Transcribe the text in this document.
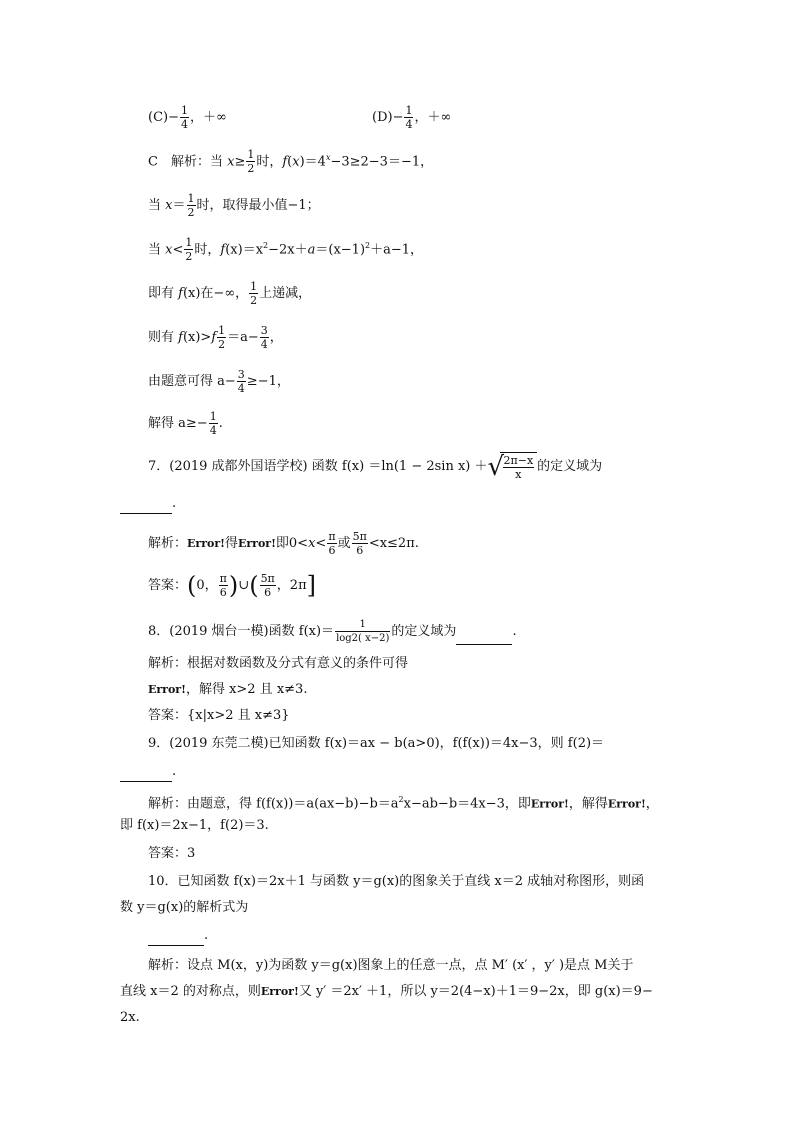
$(C)- \frac{1}{4}$ ，＋∞	$(D)- \frac{1}{4}$ ，＋∞
C　解析：当 $x\ge \frac{1}{2}$ 时，$f(x)=4^x-3\ge 2-3=-1$，
当 $x= \frac{1}{2}$ 时，取得最小值−1；
当 $x< \frac{1}{2}$ 时，$f(x)=x^2-2x+a=(x-1)^2+a-1$，
即有 f(x)在−∞， $\frac{1}{2}$ 上递减，
则有 $f(x)>f \frac{1}{2} =a- \frac{3}{4}$ ，
由题意可得 $a- \frac{3}{4} \ge-1$，
解得 $a\ge- \frac{1}{4}$ .
7．(2019 成都外国语学校) 函数 f(x) ＝ln(1 − 2sin x) ＋ √
$\frac{2\pi-x}{x}$ 的定义域为
.
解析：Error!得Error!即$0<x< \frac{\pi}{6}$ 或 $\frac{5\pi}{6} <x\le 2\pi$.
答案：(0， $\frac{\pi}{6}$ )∪( $\frac{5\pi}{6}$ ，2π]
8．(2019 烟台一模)函数 $f(x)= \frac{1}{\log 2( x-2)}$ 的定义域为	.
解析：根据对数函数及分式有意义的条件可得
Error!，解得 x>2 且 x≠3.
答案：{x|x>2 且 x≠3}
9．(2019 东莞二模)已知函数 f(x)＝ax − b(a>0)，f(f(x))＝4x−3，则 f(2)＝
.
解析：由题意，得 $f(f(x))=a(ax-b)-b=a^2x-ab-b=4x-3$，即Error!，解得Error!，
即 f(x)＝2x−1，f(2)＝3.
答案：3
10．已知函数 f(x)＝2x＋1 与函数 y＝g(x)的图象关于直线 x＝2 成轴对称图形，则函
数 y＝g(x)的解析式为
.
解析：设点 M(x，y)为函数 y＝g(x)图象上的任意一点，点 M′ (x′ ，y′ )是点 M关于
直线 x＝2 的对称点，则Error!又 y′ ＝2x′ ＋1，所以 y＝2(4−x)＋1＝9−2x，即 g(x)＝9−
2x.
